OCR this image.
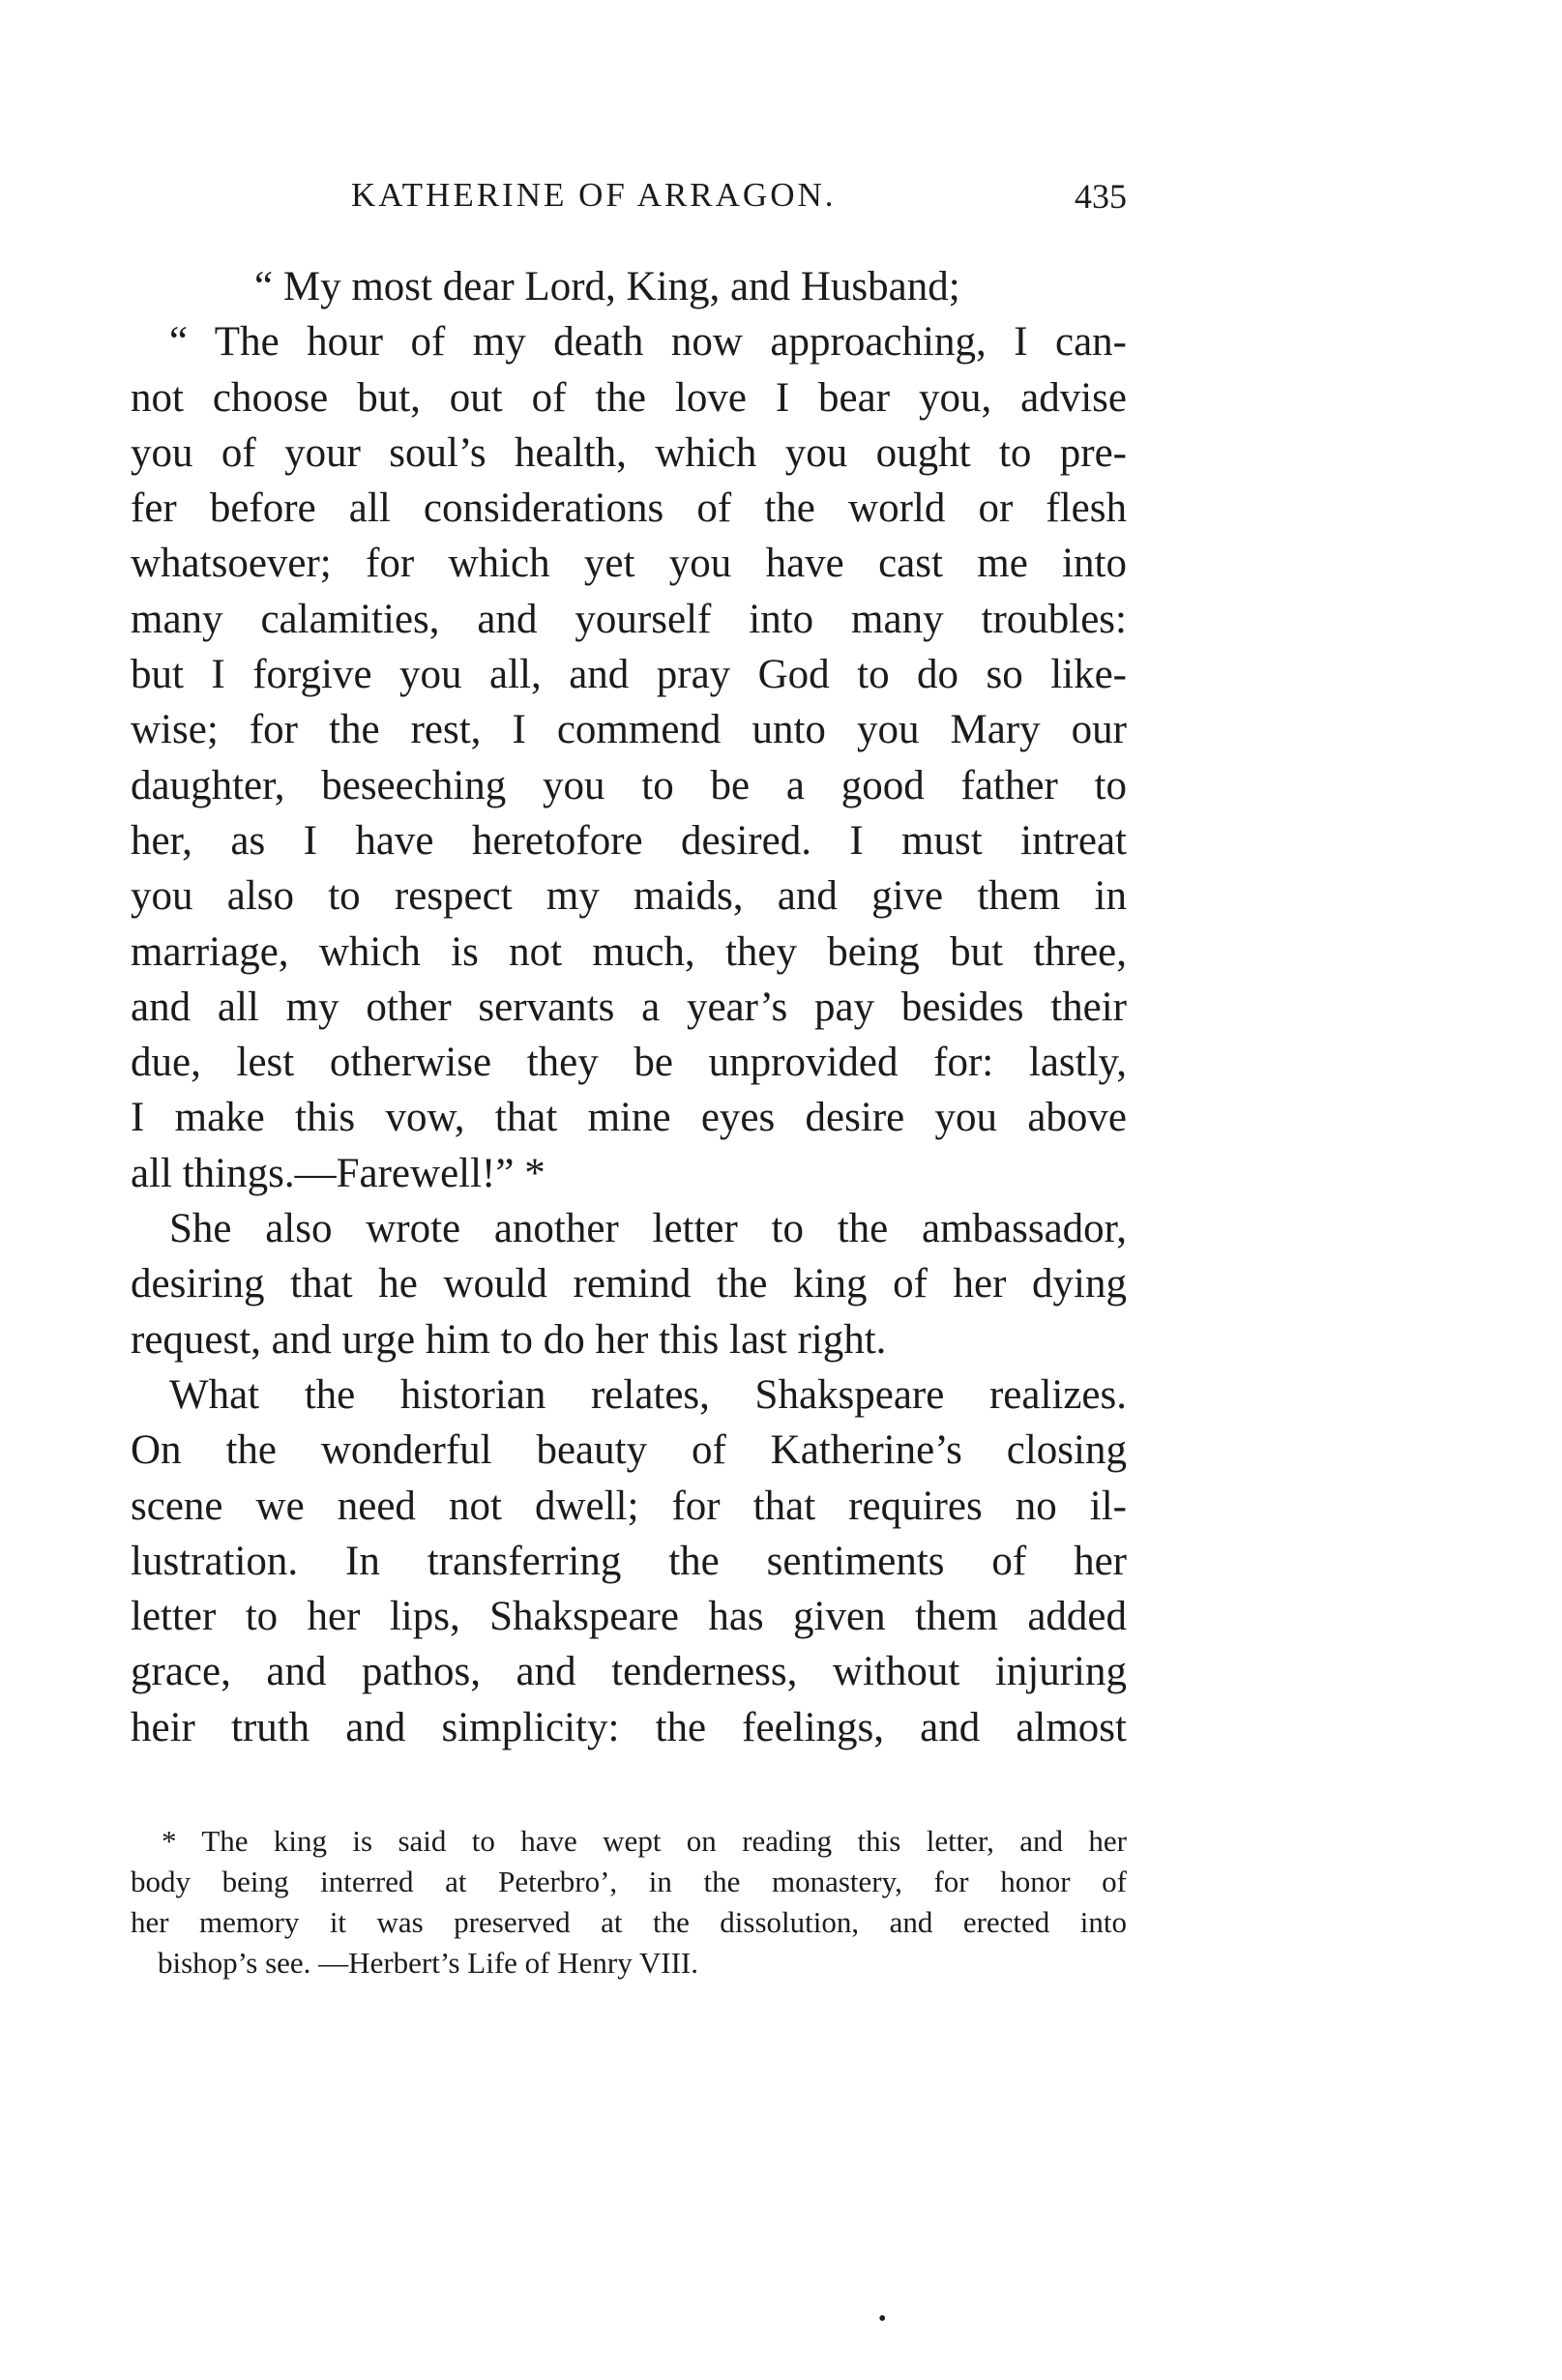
KATHERINE OF ARRAGON.	435
“ My most dear Lord, King, and Husband;
“ The hour of my death now approaching, I can-
not choose but, out of the love I bear you, advise
you of your soul’s health, which you ought to pre-
fer before all considerations of the world or flesh
whatsoever; for which yet you have cast me into
many calamities, and yourself into many troubles:
but I forgive you all, and pray God to do so like-
wise; for the rest, I commend unto you Mary our
daughter, beseeching you to be a good father to
her, as I have heretofore desired. I must intreat
you also to respect my maids, and give them in
marriage, which is not much, they being but three,
and all my other servants a year’s pay besides their
due, lest otherwise they be unprovided for: lastly,
I make this vow, that mine eyes desire you above
all things.—Farewell!” *
She also wrote another letter to the ambassador,
desiring that he would remind the king of her dying
request, and urge him to do her this last right.
What the historian relates, Shakspeare realizes.
On the wonderful beauty of Katherine’s closing
scene we need not dwell; for that requires no il-
lustration. In transferring the sentiments of her
letter to her lips, Shakspeare has given them added
grace, and pathos, and tenderness, without injuring
heir truth and simplicity: the feelings, and almost
* The king is said to have wept on reading this letter, and her
body being interred at Peterbro’, in the monastery, for honor of
her memory it was preserved at the dissolution, and erected into
bishop’s see. —Herbert’s Life of Henry VIII.
•
